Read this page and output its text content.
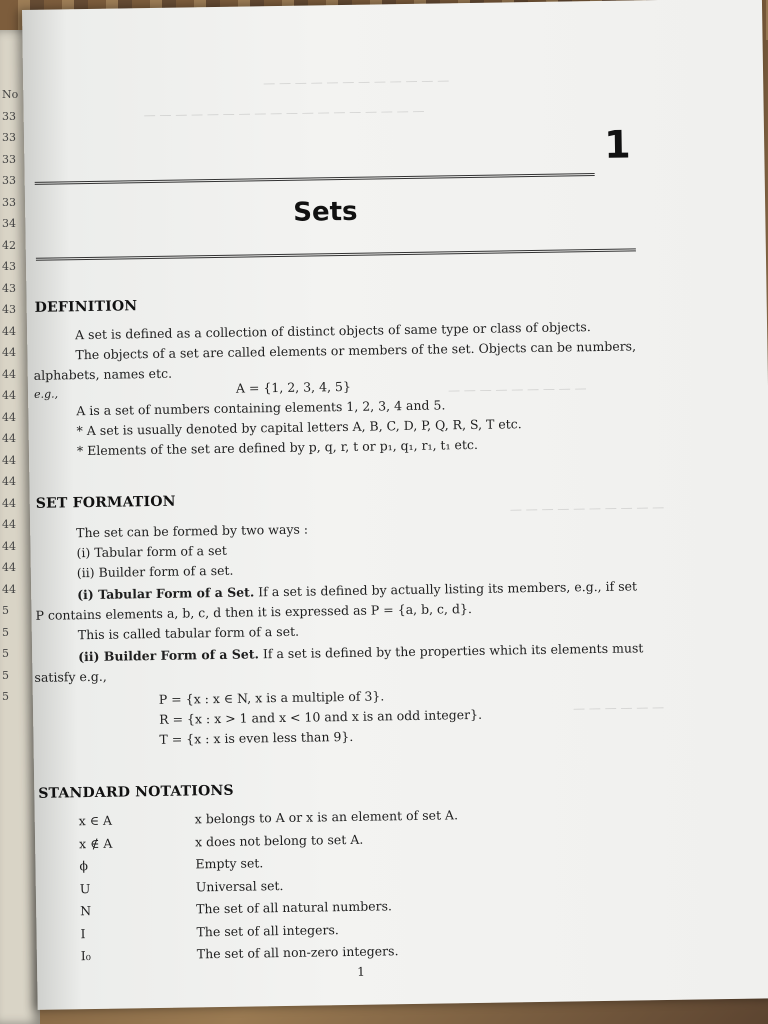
No
33
33
33
33
33
34
42
43
43
43
44
44
44
44
44
44
44
44
44
44
44
44
44
5
5
5
5
5
— — — — — — — — — — — —
— — — — — — — — — — — — — — — — — —
— — — — — — — — —
— — — — — — — — — —
— — — — — —
1
Sets
DEFINITION
A set is defined as a collection of distinct objects of same type or class of objects.
The objects of a set are called elements or members of the set. Objects can be numbers,
alphabets, names etc.
e.g.,	A = {1, 2, 3, 4, 5}
A is a set of numbers containing elements 1, 2, 3, 4 and 5.
* A set is usually denoted by capital letters A, B, C, D, P, Q, R, S, T etc.
* Elements of the set are defined by p, q, r, t or p₁, q₁, r₁, t₁ etc.
SET FORMATION
The set can be formed by two ways :
(i) Tabular form of a set
(ii) Builder form of a set.
(i) Tabular Form of a Set. If a set is defined by actually listing its members, e.g., if set
P contains elements a, b, c, d then it is expressed as P = {a, b, c, d}.
This is called tabular form of a set.
(ii) Builder Form of a Set. If a set is defined by the properties which its elements must
satisfy e.g.,
P = {x : x ∈ N, x is a multiple of 3}.
R = {x : x > 1 and x < 10 and x is an odd integer}.
T = {x : x is even less than 9}.
STANDARD NOTATIONS
x ∈ A	x belongs to A or x is an element of set A.
x ∉ A	x does not belong to set A.
ϕ	Empty set.
U	Universal set.
N	The set of all natural numbers.
I	The set of all integers.
I₀	The set of all non-zero integers.
1
